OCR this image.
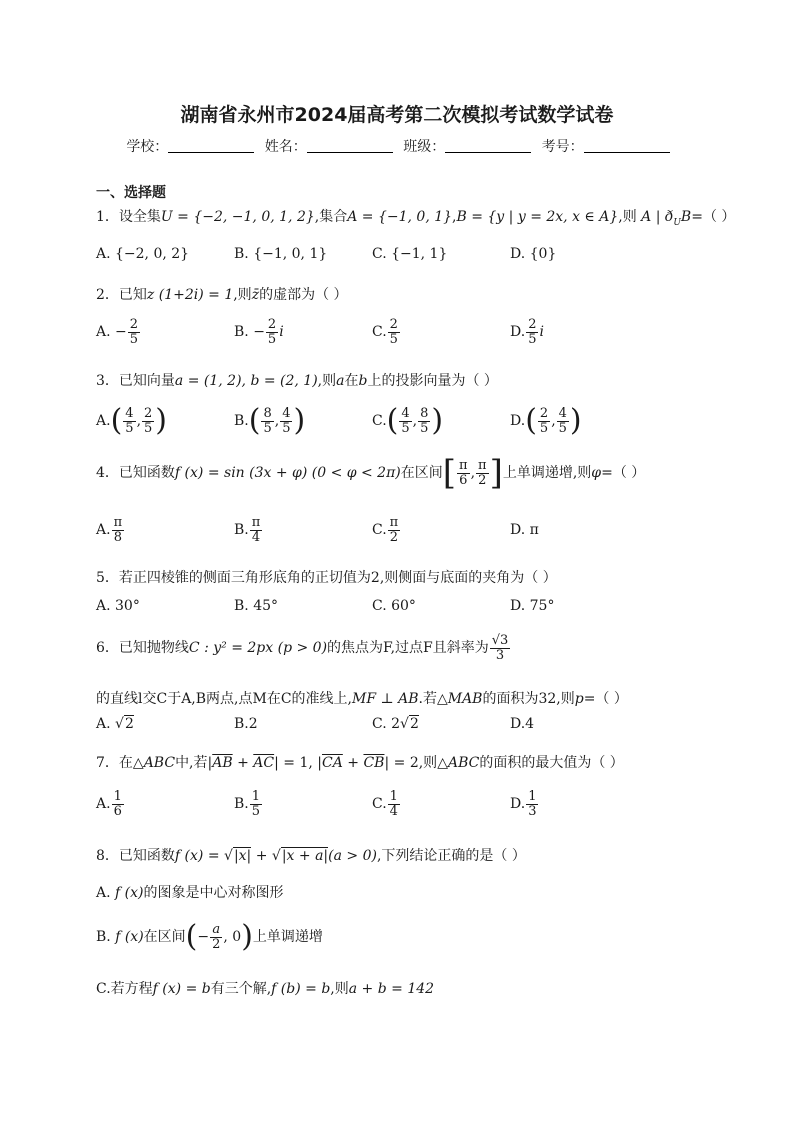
湖南省永州市2024届高考第二次模拟考试数学试卷
学校：	姓名：	班级：	考号：
一、选择题
1．设全集U = {−2, −1, 0, 1, 2},集合A = {−1, 0, 1},B = {y | y = 2x, x ∈ A},则 A | $ð_UB=$（ ）
A. {−2, 0, 2}	B. {−1, 0, 1}	C. {−1, 1}	D. {0}
2．已知z (1+2i) = 1,则z̄的虚部为（ ）
A. − $\frac{2}{5}$	B. − $\frac{2}{5}$ i	C. $\frac{2}{5}$	D. $\frac{2}{5}$ i
3．已知向量a = (1, 2), b = (2, 1),则a在b上的投影向量为（ ）
$A.( \frac{4}{5}$ , $\frac{2}{5}$ )	$B.( \frac{8}{5}$ , $\frac{4}{5}$ )	$C.( \frac{4}{5}$ , $\frac{8}{5}$ )	$D.( \frac{2}{5}$ , $\frac{4}{5}$ )
4．已知函数f (x) = sin (3x + φ) (0 < φ < 2π)在区间[ $\frac{\pi}{6}$ , $\frac{\pi}{2}$ ]上单调递增,则φ=（ ）
A. $\frac{\pi}{8}$	B. $\frac{\pi}{4}$	C. $\frac{\pi}{2}$	D. π
5．若正四棱锥的侧面三角形底角的正切值为2,则侧面与底面的夹角为（ ）
A. 30°	B. 45°	C. 60°	D. 75°
6．已知抛物线C : y² = 2px (p > 0)的焦点为F,过点F且斜率为 $\frac{√3}{3}$
的直线l交C于A,B两点,点M在C的准线上,MF ⊥ AB.若△MAB的面积为32,则p=（ ）
A. √2	B.2	C. 2√2	D.4
7．在△ABC中,若$|\overline{AB} + \overline{AC}| = 1$, $|\overline{CA} + \overline{CB}| = 2$,则△ABC的面积的最大值为（ ）
A. $\frac{1}{6}$	B. $\frac{1}{5}$	C. $\frac{1}{4}$	D. $\frac{1}{3}$
8．已知函数f (x) = √|x| + √|x + a|(a > 0),下列结论正确的是（ ）
A. f (x)的图象是中心对称图形
B. f (x)在区间(− $\frac{a}{2}$ , 0)上单调递增
C.若方程f (x) = b有三个解,f (b) = b,则a + b = 142
